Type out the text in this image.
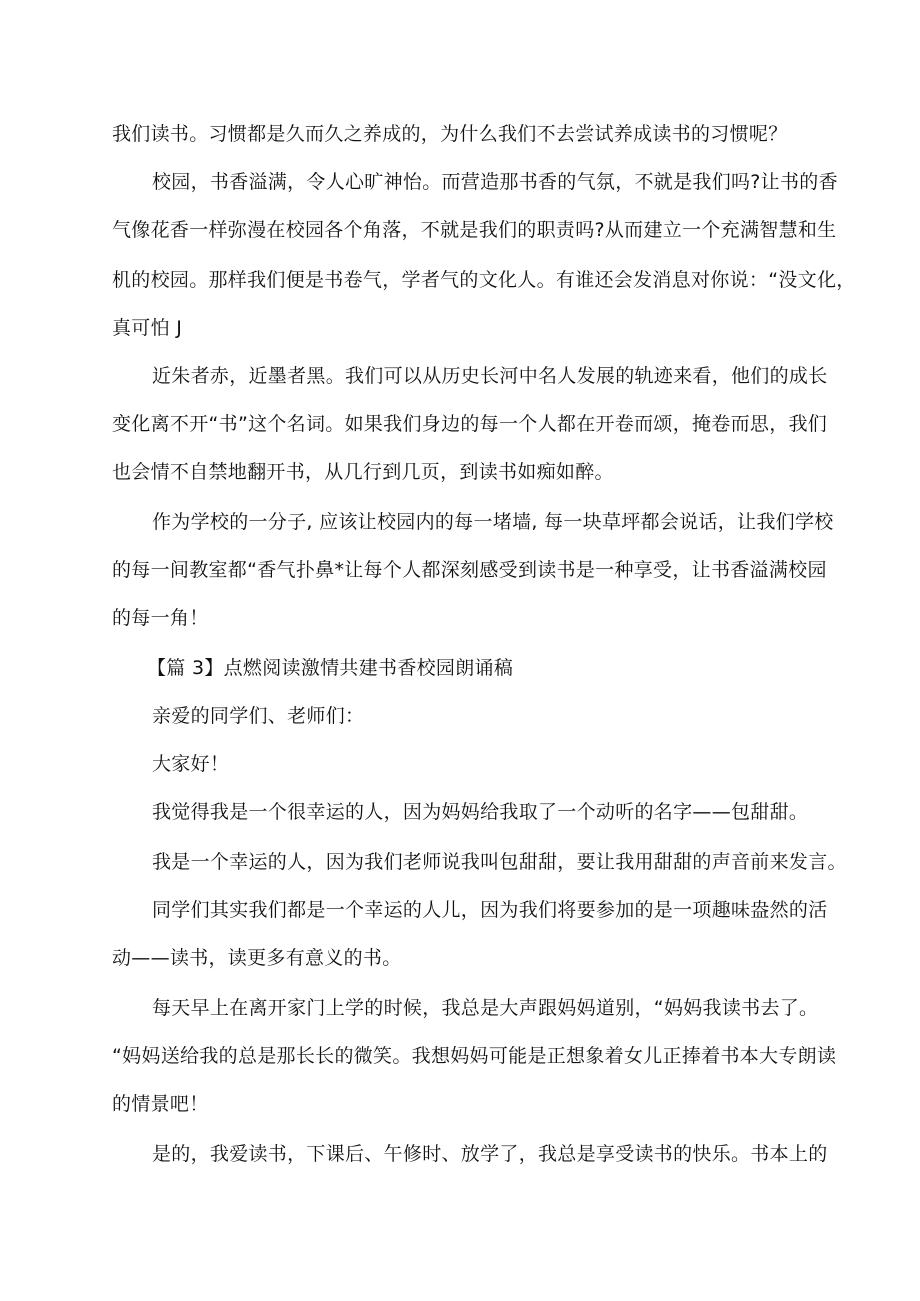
我们读书。习惯都是久而久之养成的，为什么我们不去尝试养成读书的习惯呢？
校园，书香溢满，令人心旷神怡。而营造那书香的气氛，不就是我们吗?让书的香
气像花香一样弥漫在校园各个角落，不就是我们的职责吗?从而建立一个充满智慧和生
机的校园。那样我们便是书卷气，学者气的文化人。有谁还会发消息对你说：“没文化，
真可怕 J
近朱者赤，近墨者黑。我们可以从历史长河中名人发展的轨迹来看，他们的成长
变化离不开“书”这个名词。如果我们身边的每一个人都在开卷而颂，掩卷而思，我们
也会情不自禁地翻开书，从几行到几页，到读书如痴如醉。
作为学校的一分子, 应该让校园内的每一堵墙, 每一块草坪都会说话，让我们学校
的每一间教室都“香气扑鼻*让每个人都深刻感受到读书是一种享受，让书香溢满校园
的每一角！
【篇 3】点燃阅读激情共建书香校园朗诵稿
亲爱的同学们、老师们：
大家好！
我觉得我是一个很幸运的人，因为妈妈给我取了一个动听的名字——包甜甜。
我是一个幸运的人，因为我们老师说我叫包甜甜，要让我用甜甜的声音前来发言。
同学们其实我们都是一个幸运的人儿，因为我们将要参加的是一项趣味盎然的活
动——读书，读更多有意义的书。
每天早上在离开家门上学的时候，我总是大声跟妈妈道别，“妈妈我读书去了。
“妈妈送给我的总是那长长的微笑。我想妈妈可能是正想象着女儿正捧着书本大专朗读
的情景吧！
是的，我爱读书，下课后、午修时、放学了，我总是享受读书的快乐。书本上的
